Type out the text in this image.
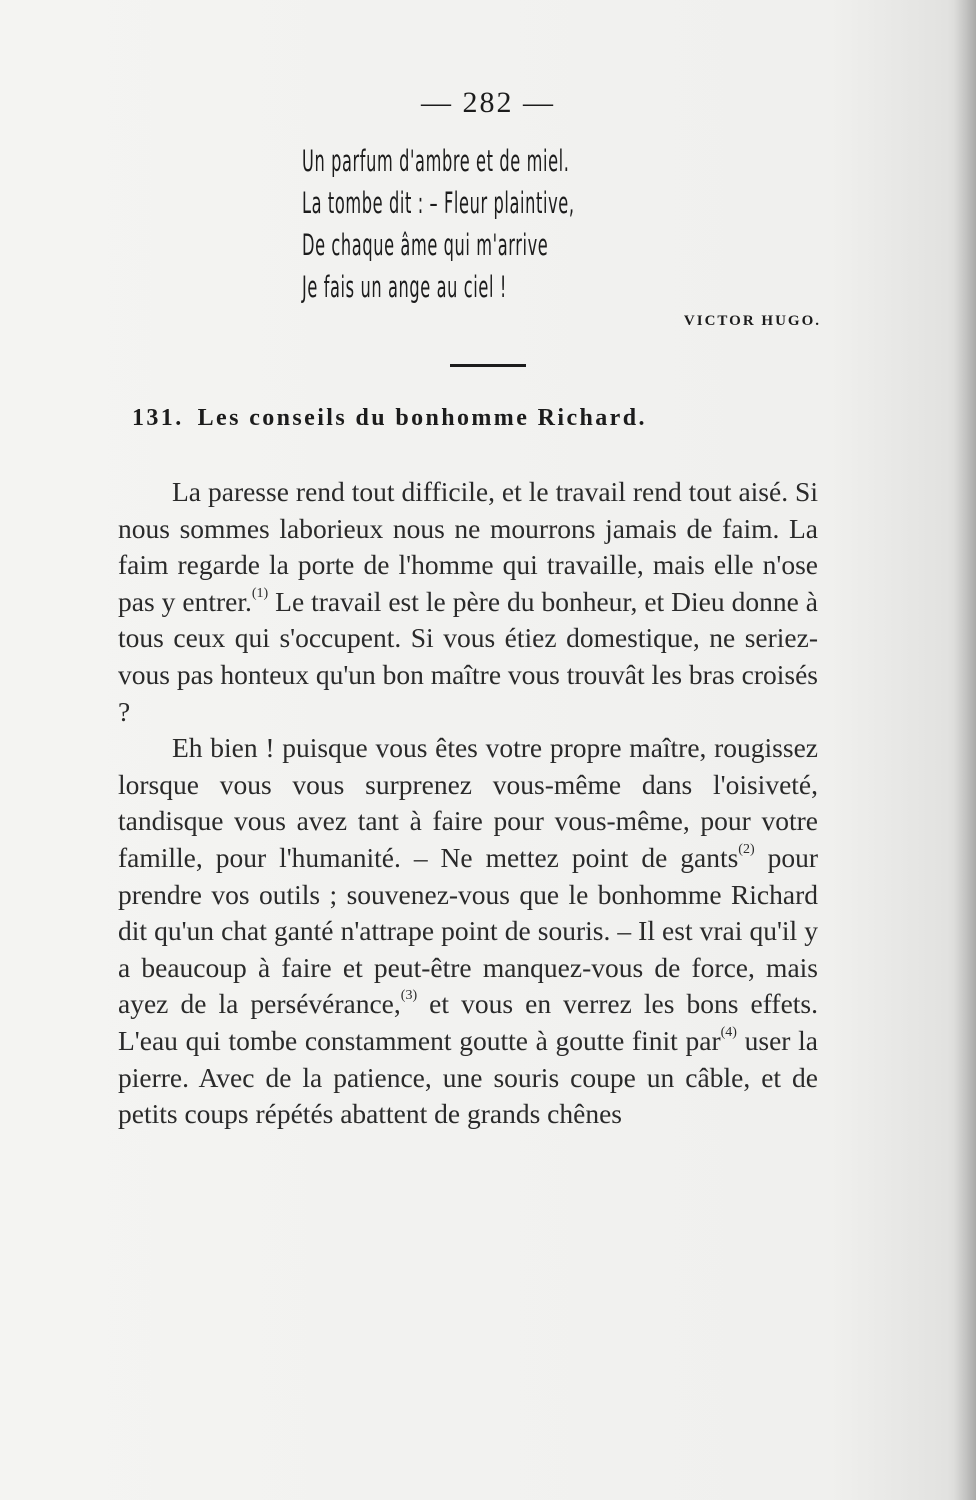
— 282 —
Un parfum d'ambre et de miel.
La tombe dit : – Fleur plaintive,
De chaque âme qui m'arrive
Je fais un ange au ciel !
VICTOR HUGO.
131. Les conseils du bonhomme Richard.

La paresse rend tout difficile, et le travail rend tout aisé. Si nous sommes laborieux nous ne mourrons jamais de faim. La faim regarde la porte de l'homme qui travaille, mais elle n'ose pas y entrer.$^{(1)}$ Le travail est le père du bonheur, et Dieu donne à tous ceux qui s'occupent. Si vous étiez domestique, ne seriez-vous pas honteux qu'un bon maître vous trouvât les bras croisés ?

Eh bien ! puisque vous êtes votre propre maître, rougissez lorsque vous vous surprenez vous-même dans l'oisiveté, tandisque vous avez tant à faire pour vous-même, pour votre famille, pour l'humanité. – Ne mettez point de gants$^{(2)}$ pour prendre vos outils ; souvenez-vous que le bonhomme Richard dit qu'un chat ganté n'attrape point de souris. – Il est vrai qu'il y a beaucoup à faire et peut-être manquez-vous de force, mais ayez de la persévérance,$^{(3)}$ et vous en verrez les bons effets. L'eau qui tombe constamment goutte à goutte finit par$^{(4)}$ user la pierre. Avec de la patience, une souris coupe un câble, et de petits coups répétés abattent de grands chênes
